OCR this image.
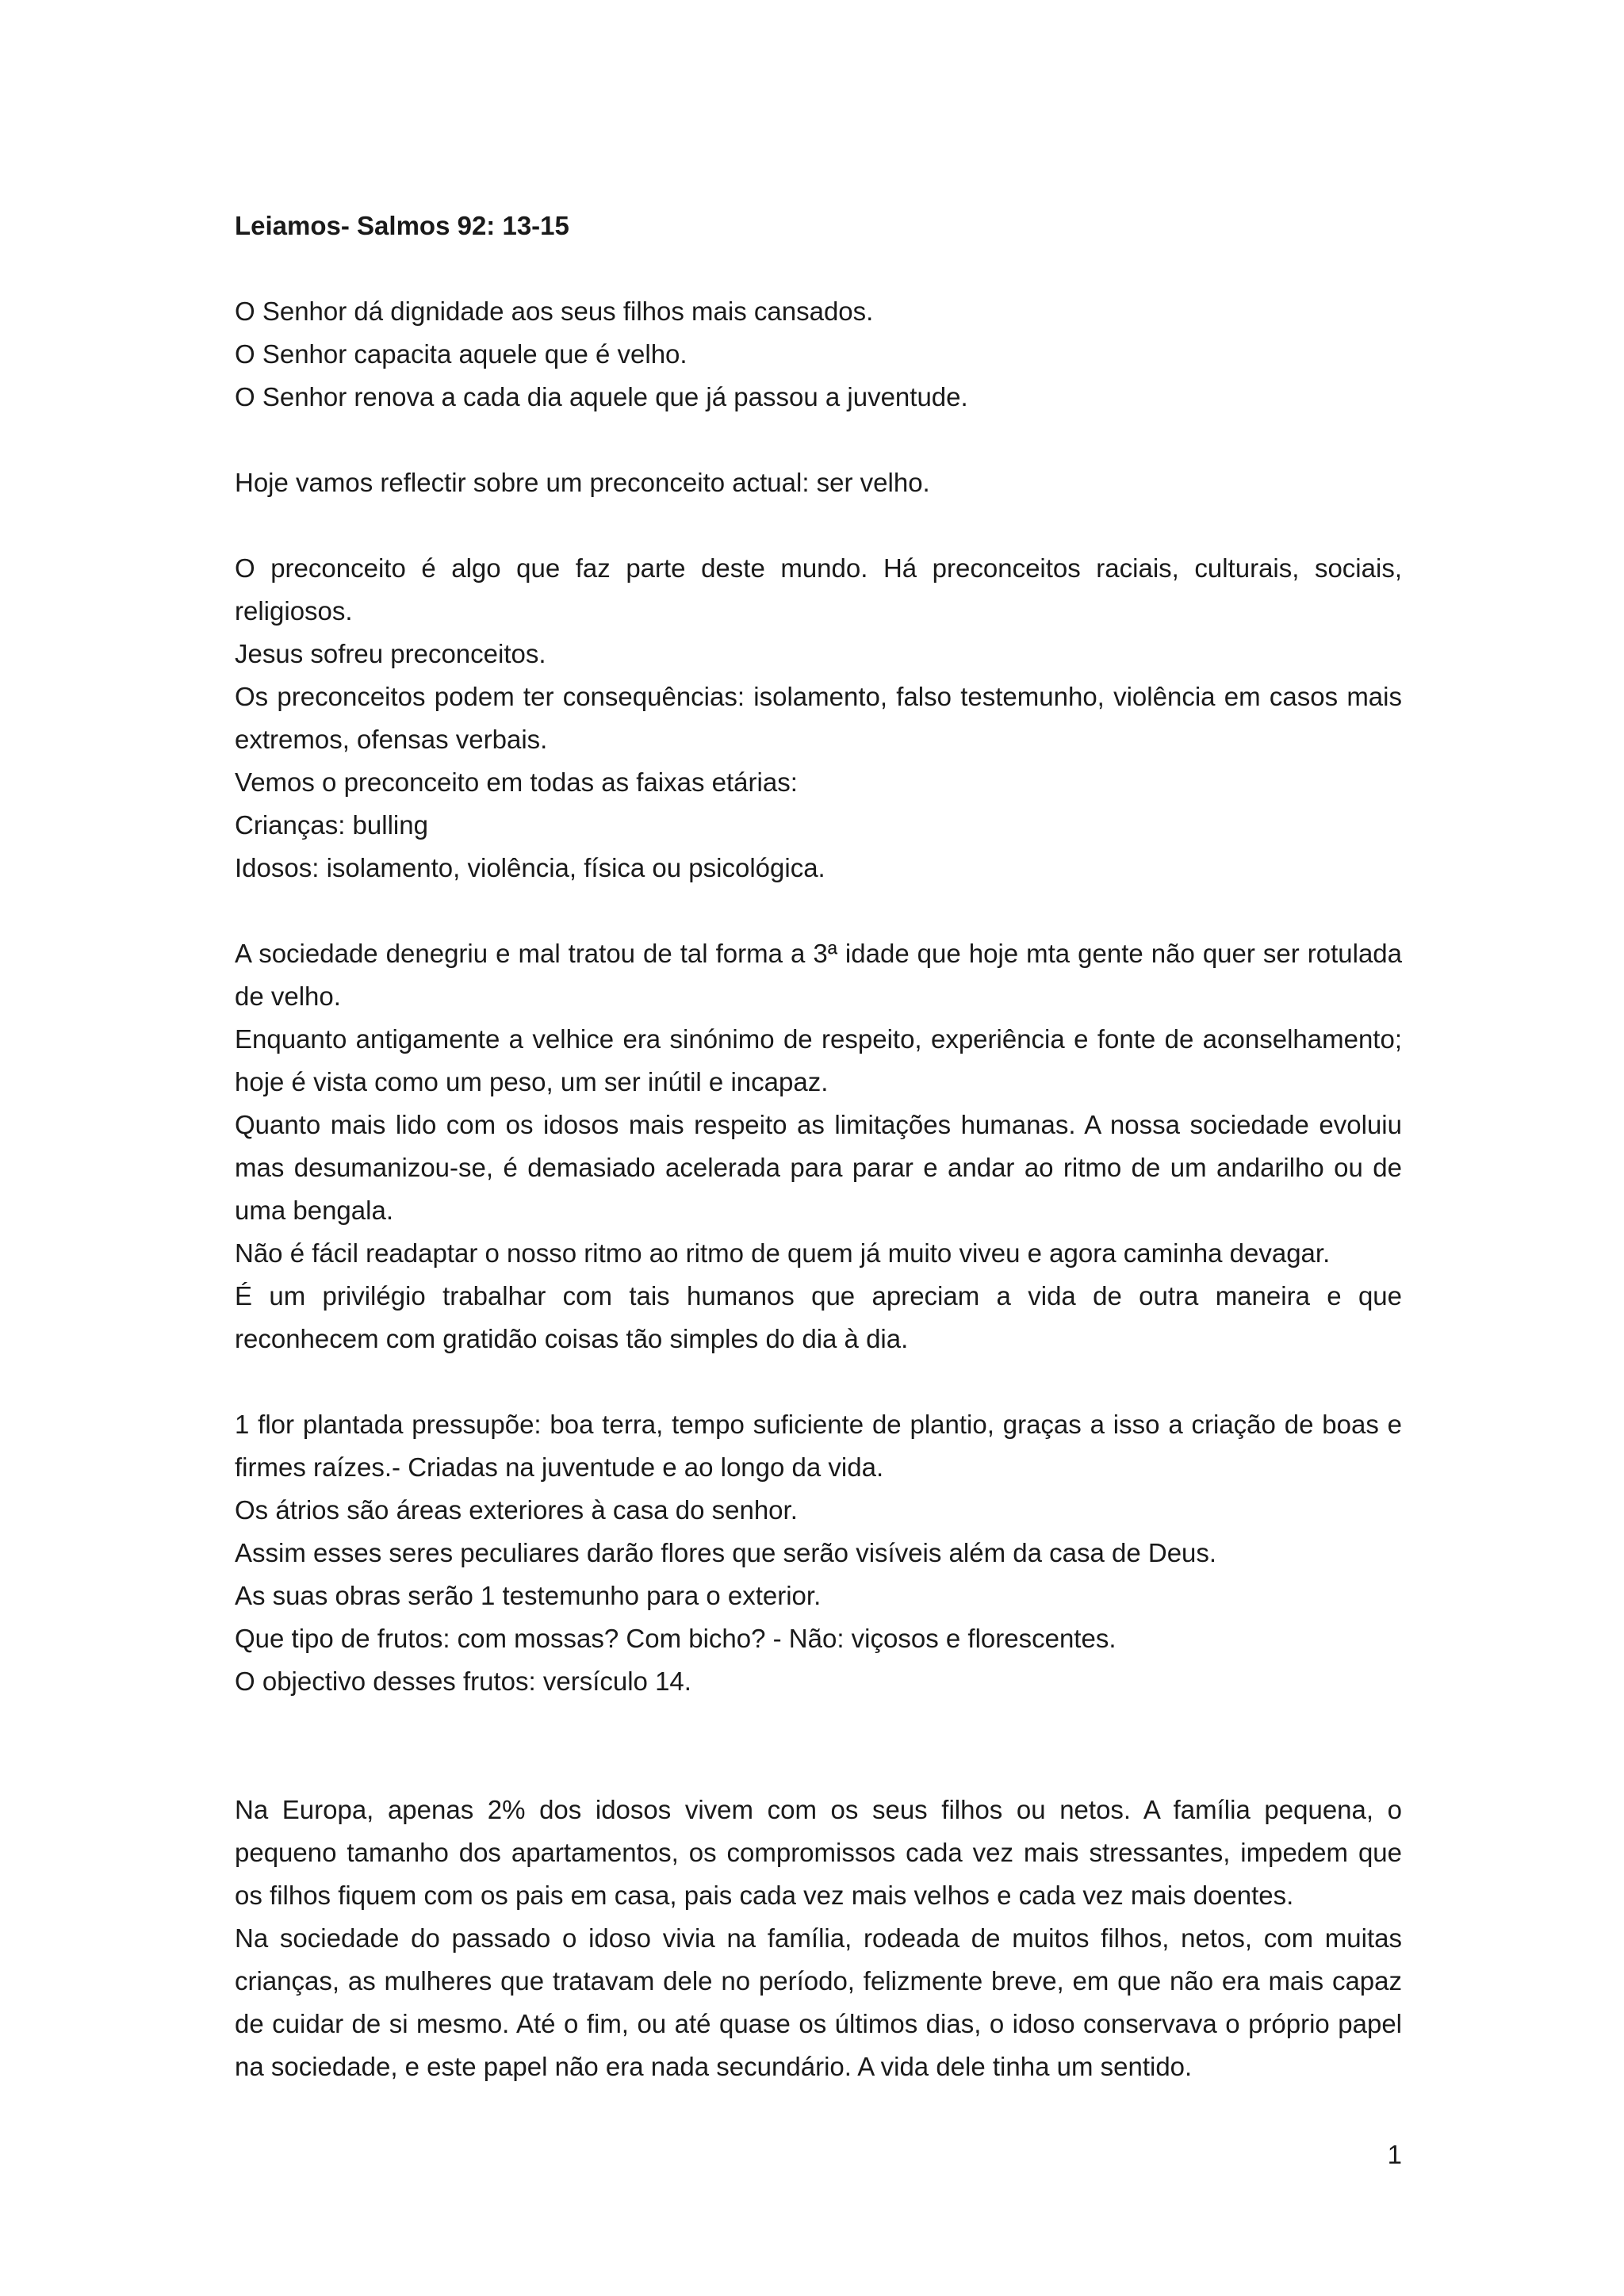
Leiamos- Salmos 92: 13-15

O Senhor dá dignidade aos seus filhos mais cansados.
O Senhor capacita aquele que é velho.
O Senhor renova a cada dia aquele que já passou a juventude.
Hoje vamos reflectir sobre um preconceito actual: ser velho.
O preconceito é algo que faz parte deste mundo. Há preconceitos raciais, culturais, sociais, religiosos.
Jesus sofreu preconceitos.
Os preconceitos podem ter consequências: isolamento, falso testemunho, violência em casos mais extremos, ofensas verbais.
Vemos o preconceito em todas as faixas etárias:
Crianças: bulling
Idosos: isolamento, violência, física ou psicológica.
A sociedade denegriu e mal tratou de tal forma a 3ª idade que hoje mta gente não quer ser rotulada de velho.
Enquanto antigamente a velhice era sinónimo de respeito, experiência e fonte de aconselhamento; hoje é vista como um peso, um ser inútil e incapaz.
Quanto mais lido com os idosos mais respeito as limitações humanas. A nossa sociedade evoluiu mas desumanizou-se, é demasiado acelerada para parar e andar ao ritmo de um andarilho ou de uma bengala.
Não é fácil readaptar o nosso ritmo ao ritmo de quem já muito viveu e agora caminha devagar.
É um privilégio trabalhar com tais humanos que apreciam a vida de outra maneira e que reconhecem com gratidão coisas tão simples do dia à dia.
1 flor plantada pressupõe: boa terra, tempo suficiente de plantio, graças a isso a criação de boas e firmes raízes.- Criadas na juventude e ao longo da vida.
Os átrios são áreas exteriores à casa do senhor.
Assim esses seres peculiares darão flores que serão visíveis além da casa de Deus.
As suas obras serão 1 testemunho para o exterior.
Que tipo de frutos: com mossas? Com bicho? - Não: viçosos e florescentes.
O objectivo desses frutos: versículo 14.
Na Europa, apenas 2% dos idosos vivem com os seus filhos ou netos. A família pequena, o pequeno tamanho dos apartamentos, os compromissos cada vez mais stressantes, impedem que os filhos fiquem com os pais em casa, pais cada vez mais velhos e cada vez mais doentes.
Na sociedade do passado o idoso vivia na família, rodeada de muitos filhos, netos, com muitas crianças, as mulheres que tratavam dele no período, felizmente breve, em que não era mais capaz de cuidar de si mesmo. Até o fim, ou até quase os últimos dias, o idoso conservava o próprio papel na sociedade, e este papel não era nada secundário. A vida dele tinha um sentido.
1
